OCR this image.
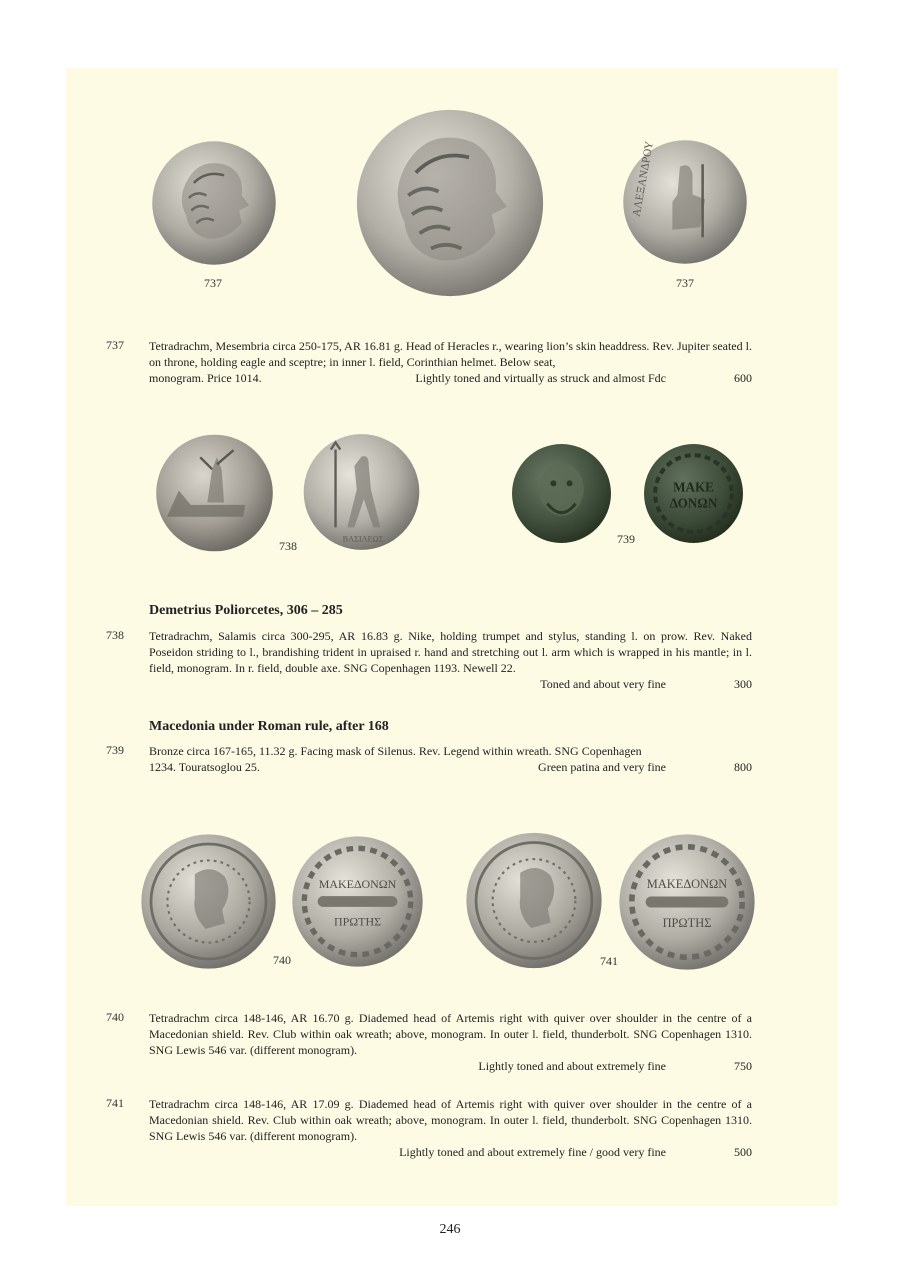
ΑΛΕΞΑΝΔΡΟΥ
737	737
737 Tetradrachm, Mesembria circa 250-175, AR 16.81 g. Head of Heracles r., wearing lion’s skin headdress. Rev. Jupiter seated l. on throne, holding eagle and sceptre; in inner l. field, Corinthian helmet. Below seat,

monogram. Price 1014.	Lightly toned and virtually as struck and almost Fdc	600
ΒΑΣΙΛΕΩΣ
738
ΜΑΚΕ
ΔΟΝΩΝ
739
Demetrius Poliorcetes, 306 – 285
738 Tetradrachm, Salamis circa 300-295, AR 16.83 g. Nike, holding trumpet and stylus, standing l. on prow. Rev. Naked Poseidon striding to l., brandishing trident in upraised r. hand and stretching out l. arm which is wrapped in his mantle; in l. field, monogram. In r. field, double axe. SNG Copenhagen 1193. Newell 22.

Toned and about very fine	300
Macedonia under Roman rule, after 168
739 Bronze circa 167-165, 11.32 g. Facing mask of Silenus. Rev. Legend within wreath. SNG Copenhagen

1234. Touratsoglou 25.	Green patina and very fine	800
ΜΑΚΕΔΟΝΩΝ
ΠΡΩΤΗΣ
740
ΜΑΚΕΔΟΝΩΝ
ΠΡΩΤΗΣ
741
740 Tetradrachm circa 148-146, AR 16.70 g. Diademed head of Artemis right with quiver over shoulder in the centre of a Macedonian shield. Rev. Club within oak wreath; above, monogram. In outer l. field, thunderbolt. SNG Copenhagen 1310. SNG Lewis 546 var. (different monogram).

Lightly toned and about extremely fine	750
741 Tetradrachm circa 148-146, AR 17.09 g. Diademed head of Artemis right with quiver over shoulder in the centre of a Macedonian shield. Rev. Club within oak wreath; above, monogram. In outer l. field, thunderbolt. SNG Copenhagen 1310. SNG Lewis 546 var. (different monogram).

Lightly toned and about extremely fine / good very fine	500
246
